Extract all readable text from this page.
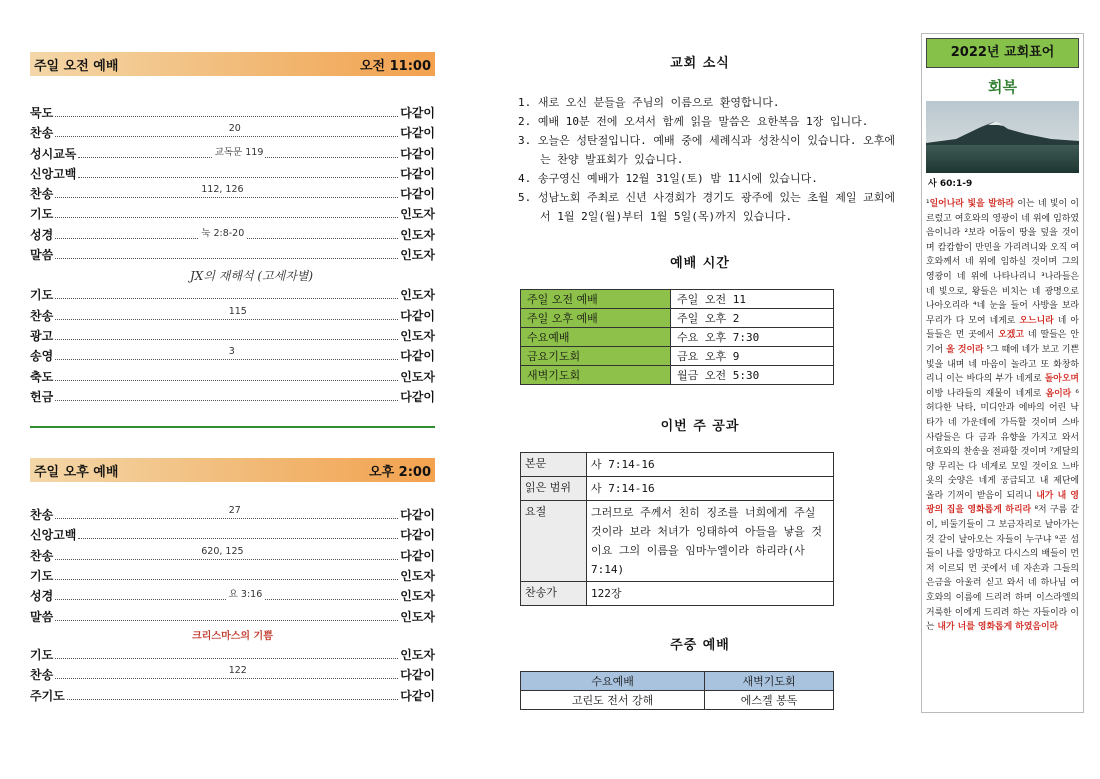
주일 오전 예배	오전 11:00
묵도	다같이
찬송	20	다같이
성시교독	교독문 119	다같이
신앙고백	다같이
찬송	112, 126	다같이
기도	인도자
성경	눅 2:8-20	인도자
말씀	인도자
JX의 재해석 (고세자별)
기도	인도자
찬송	115	다같이
광고	인도자
송영	3	다같이
축도	인도자
헌금	다같이
주일 오후 예배	오후 2:00
찬송	27	다같이
신앙고백	다같이
찬송	620, 125	다같이
기도	인도자
성경	요 3:16	인도자
말씀	인도자
크리스마스의 기쁨
기도	인도자
찬송	122	다같이
주기도	다같이
교회 소식
1. 새로 오신 분들을 주님의 이름으로 환영합니다.
2. 예배 10분 전에 오셔서 함께 읽을 말씀은 요한복음 1장 입니다.
3. 오늘은 성탄절입니다. 예배 중에 세례식과 성찬식이 있습니다. 오후에는 찬양 발표회가 있습니다.
4. 송구영신 예배가 12월 31일(토) 밤 11시에 있습니다.
5. 성남노회 주최로 신년 사경회가 경기도 광주에 있는 초월 제일 교회에서 1월 2일(월)부터 1월 5일(목)까지 있습니다.
예배 시간
주일 오전 예배	주일 오전 11
주일 오후 예배	주일 오후 2
수요예배	수요 오후 7:30
금요기도회	금요 오후 9
새벽기도회	월금 오전 5:30
이번 주 공과
본문	사 7:14-16
읽은 범위	사 7:14-16
요절	그러므로 주께서 친히 징조를 너희에게 주실 것이라 보라 처녀가 잉태하여 아들을 낳을 것이요 그의 이름을 임마누엘이라 하리라(사 7:14)
찬송가	122장
주중 예배
수요예배	새벽기도회
고린도 전서 강해	에스겔 봉독
2022년 교회표어
회복
사 60:1-9
¹일어나라 빛을 발하라 이는 네 빛이 이르렀고 여호와의 영광이 네 위에 임하였음이니라 ²보라 어둠이 땅을 덮을 것이며 캄캄함이 만민을 가리려니와 오직 여호와께서 네 위에 임하실 것이며 그의 영광이 네 위에 나타나리니 ³나라들은 네 빛으로, 왕들은 비치는 네 광명으로 나아오리라 ⁴네 눈을 들어 사방을 보라 무리가 다 모여 네게로 오느니라 네 아들들은 먼 곳에서 오겠고 네 딸들은 안기어 올 것이라 ⁵그 때에 네가 보고 기쁜 빛을 내며 네 마음이 놀라고 또 화창하리니 이는 바다의 부가 네게로 돌아오며 이방 나라들의 재물이 네게로 옴이라 ⁶허다한 낙타, 미디안과 에바의 어린 낙타가 네 가운데에 가득할 것이며 스바 사람들은 다 금과 유향을 가지고 와서 여호와의 찬송을 전파할 것이며 ⁷게달의 양 무리는 다 네게로 모일 것이요 느바욧의 숫양은 네게 공급되고 내 제단에 올라 기꺼이 받음이 되리니 내가 내 영광의 집을 영화롭게 하리라 ⁸저 구름 같이, 비둘기들이 그 보금자리로 날아가는 것 같이 날아오는 자들이 누구냐 ⁹곧 섬들이 나를 앙망하고 다시스의 배들이 먼저 이르되 먼 곳에서 네 자손과 그들의 은금을 아울러 싣고 와서 네 하나님 여호와의 이름에 드리려 하며 이스라엘의 거룩한 이에게 드리려 하는 자들이라 이는 내가 너를 영화롭게 하였음이라
